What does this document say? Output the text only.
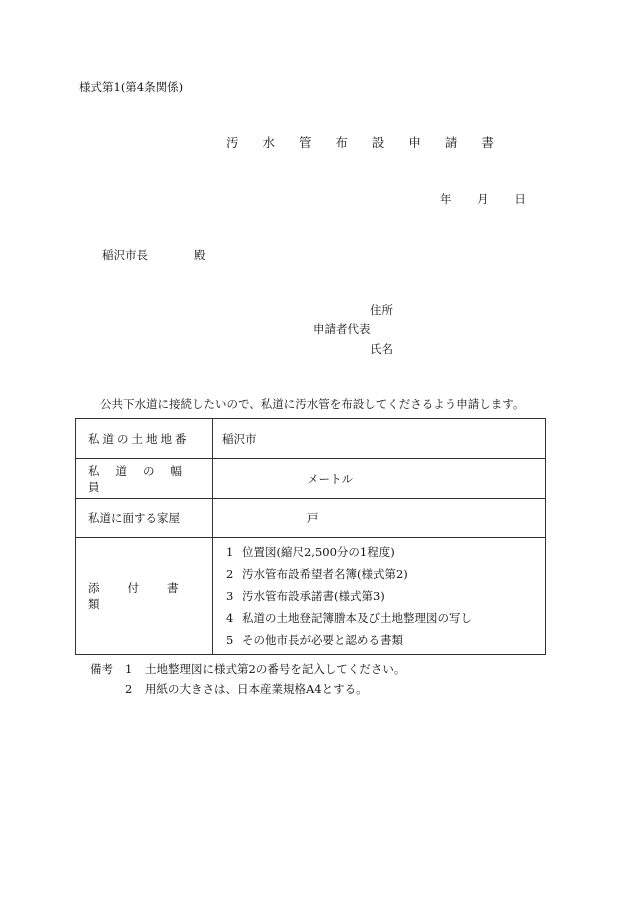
様式第1(第4条関係)
汚 水 管 布 設 申 請 書
年 月 日
稲沢市長	殿
住所
申請者代表
氏名
公共下水道に接続したいので、私道に汚水管を布設してくださるよう申請します。
私道の土地地番	稲沢市
私道の幅員	メートル
私道に面する家屋	戸
添付書類	1 位置図(縮尺2,500分の1程度)
2 汚水管布設希望者名簿(様式第2)
3 汚水管布設承諾書(様式第3)
4 私道の土地登記簿謄本及び土地整理図の写し
5 その他市長が必要と認める書類
備考 1 土地整理図に様式第2の番号を記入してください。
2 用紙の大きさは、日本産業規格A4とする。
